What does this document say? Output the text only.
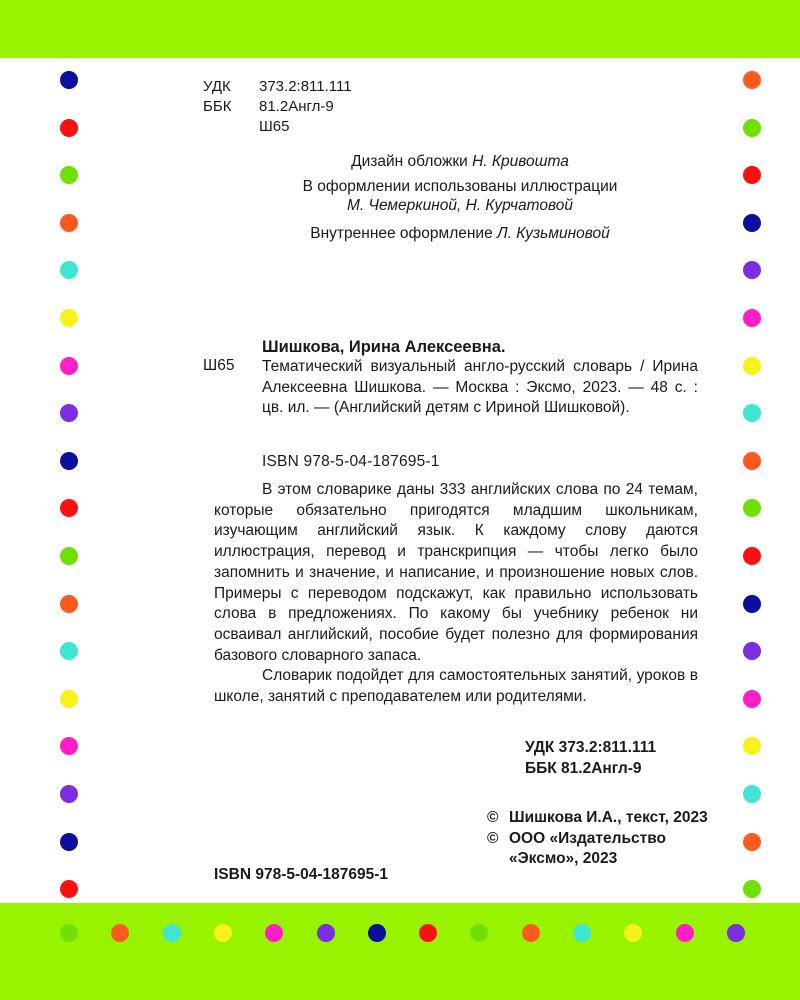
УДК	373.2:811.111
ББК	81.2Англ-9
Ш65
Дизайн обложки Н. Кривошта
В оформлении использованы иллюстрации
М. Чемеркиной, Н. Курчатовой
Внутреннее оформление Л. Кузьминовой
Шишкова, Ирина Алексеевна.
Ш65 Тематический визуальный англо-русский словарь / Ирина Алексеевна Шишкова. — Москва : Эксмо, 2023. — 48 с. : цв. ил. — (Английский детям с Ириной Шишковой).
ISBN 978-5-04-187695-1

В этом словарике даны 333 английских слова по 24 темам, которые обязательно пригодятся младшим школьникам, изучающим английский язык. К каждому слову даются иллюстрация, перевод и транскрипция — чтобы легко было запомнить и значение, и написание, и произношение новых слов. Примеры с переводом подскажут, как правильно использовать слова в предложениях. По какому бы учебнику ребенок ни осваивал английский, пособие будет полезно для формирования базового словарного запаса.

Словарик подойдет для самостоятельных занятий, уроков в школе, занятий с преподавателем или родителями.

УДК 373.2:811.111
ББК 81.2Англ-9
© Шишкова И.А., текст, 2023
© ООО «Издательство «Эксмо», 2023
ISBN 978-5-04-187695-1
